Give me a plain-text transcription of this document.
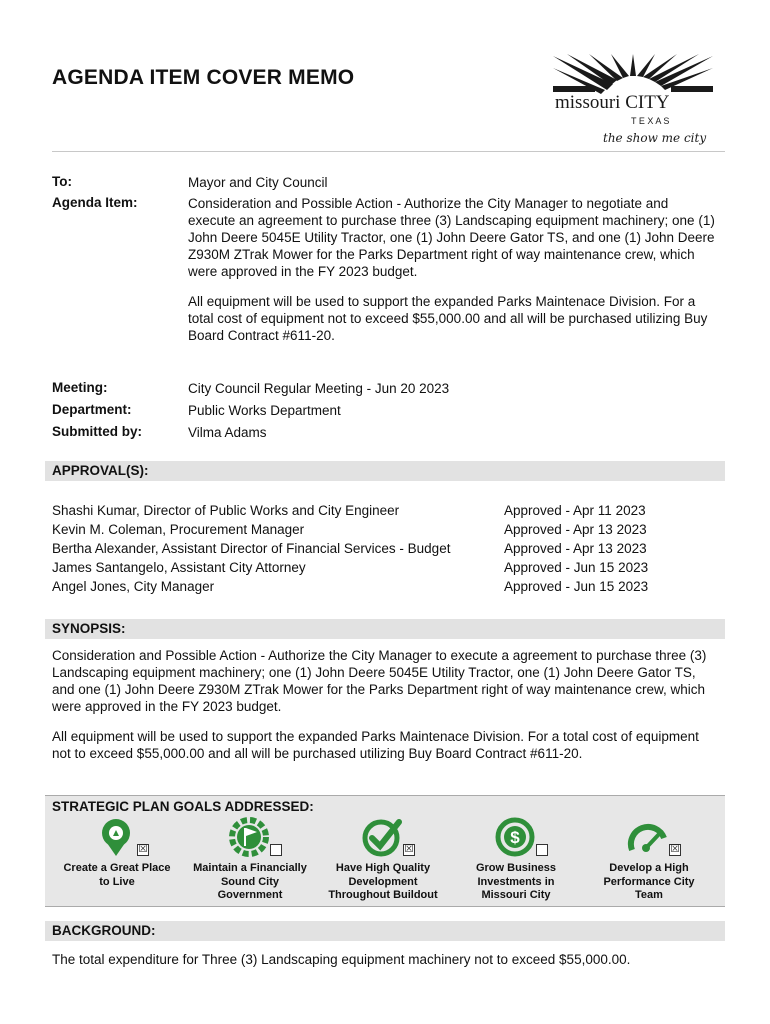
AGENDA ITEM COVER MEMO
missouri CITY
T E X A S
the show me city
To:	Mayor and City Council
Agenda Item:	Consideration and Possible Action - Authorize the City Manager to negotiate and execute an agreement to purchase three (3) Landscaping equipment machinery; one (1) John Deere 5045E Utility Tractor, one (1) John Deere Gator TS, and one (1) John Deere Z930M ZTrak Mower for the Parks Department right of way maintenance crew, which were approved in the FY 2023 budget.
All equipment will be used to support the expanded Parks Maintenace Division. For a total cost of equipment not to exceed $55,000.00 and all will be purchased utilizing Buy Board Contract #611-20.
Meeting:	City Council Regular Meeting - Jun 20 2023
Department:	Public Works Department
Submitted by:	Vilma Adams
APPROVAL(S):
Shashi Kumar, Director of Public Works and City Engineer	Approved - Apr 11 2023
Kevin M. Coleman, Procurement Manager	Approved - Apr 13 2023
Bertha Alexander, Assistant Director of Financial Services - Budget	Approved - Apr 13 2023
James Santangelo, Assistant City Attorney	Approved - Jun 15 2023
Angel Jones, City Manager	Approved - Jun 15 2023
SYNOPSIS:
Consideration and Possible Action - Authorize the City Manager to execute a agreement to purchase three (3) Landscaping equipment machinery; one (1) John Deere 5045E Utility Tractor, one (1) John Deere Gator TS, and one (1) John Deere Z930M ZTrak Mower for the Parks Department right of way maintenance crew, which were approved in the FY 2023 budget.
All equipment will be used to support the expanded Parks Maintenace Division. For a total cost of equipment not to exceed $55,000.00 and all will be purchased utilizing Buy Board Contract #611-20.
STRATEGIC PLAN GOALS ADDRESSED:
☒
Create a Great Place
to Live
Maintain a Financially
Sound City
Government
☒
Have High Quality
Development
Throughout Buildout
$
Grow Business
Investments in
Missouri City
☒
Develop a High
Performance City
Team
BACKGROUND:
The total expenditure for Three (3) Landscaping equipment machinery not to exceed $55,000.00.
